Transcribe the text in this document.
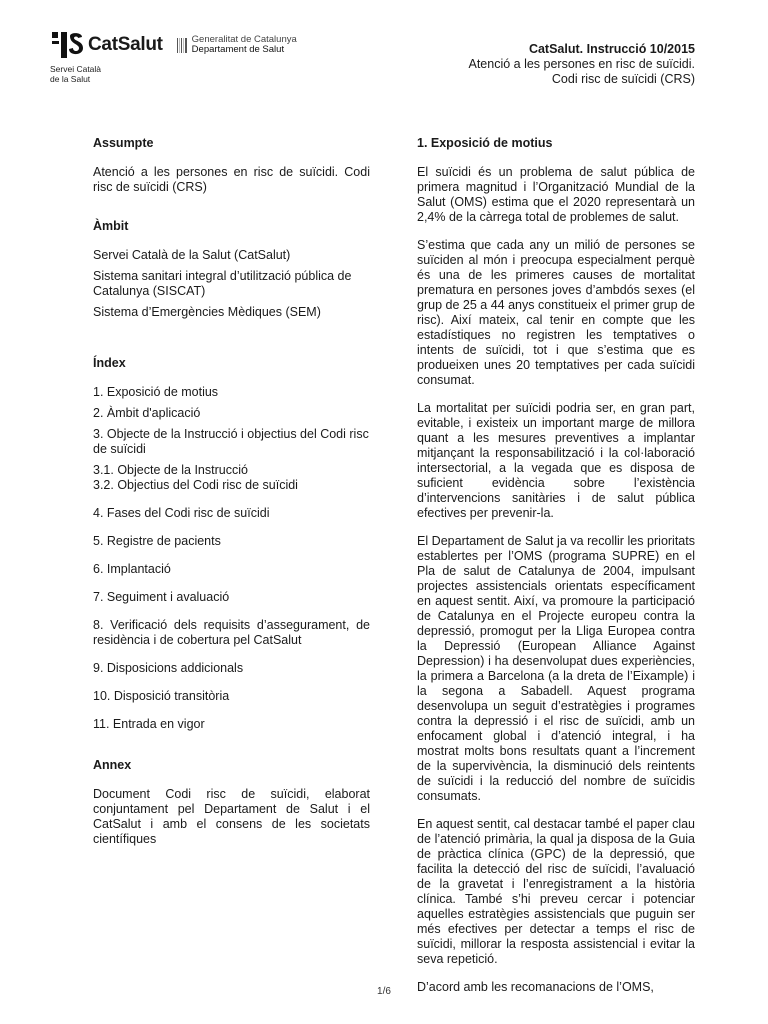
CatSalut	Generalitat de Catalunya
Departament de Salut
Servei Català
de la Salut
CatSalut. Instrucció 10/2015
Atenció a les persones en risc de suïcidi.
Codi risc de suïcidi (CRS)

Assumpte

Atenció a les persones en risc de suïcidi. Codi risc de suïcidi (CRS)

Àmbit

Servei Català de la Salut (CatSalut)

Sistema sanitari integral d’utilització pública de Catalunya (SISCAT)

Sistema d’Emergències Mèdiques (SEM)

Índex

1. Exposició de motius
2. Àmbit d'aplicació
3. Objecte de la Instrucció i objectius del Codi risc de suïcidi
3.1. Objecte de la Instrucció
3.2. Objectius del Codi risc de suïcidi
4. Fases del Codi risc de suïcidi
5. Registre de pacients
6. Implantació
7. Seguiment i avaluació
8. Verificació dels requisits d’assegurament, de residència i de cobertura pel CatSalut
9. Disposicions addicionals
10. Disposició transitòria
11. Entrada en vigor

Annex

Document Codi risc de suïcidi, elaborat conjuntament pel Departament de Salut i el CatSalut i amb el consens de les societats científiques

1. Exposició de motius

El suïcidi és un problema de salut pública de primera magnitud i l’Organització Mundial de la Salut (OMS) estima que el 2020 representarà un 2,4% de la càrrega total de problemes de salut.

S’estima que cada any un milió de persones se suïciden al món i preocupa especialment perquè és una de les primeres causes de mortalitat prematura en persones joves d’ambdós sexes (el grup de 25 a 44 anys constitueix el primer grup de risc). Així mateix, cal tenir en compte que les estadístiques no registren les temptatives o intents de suïcidi, tot i que s’estima que es produeixen unes 20 temptatives per cada suïcidi consumat.

La mortalitat per suïcidi podria ser, en gran part, evitable, i existeix un important marge de millora quant a les mesures preventives a implantar mitjançant la responsabilització i la col·laboració intersectorial, a la vegada que es disposa de suficient evidència sobre l’existència d’intervencions sanitàries i de salut pública efectives per prevenir-la.

El Departament de Salut ja va recollir les prioritats establertes per l’OMS (programa SUPRE) en el Pla de salut de Catalunya de 2004, impulsant projectes assistencials orientats específicament en aquest sentit. Així, va promoure la participació de Catalunya en el Projecte europeu contra la depressió, promogut per la Lliga Europea contra la Depressió (European Alliance Against Depression) i ha desenvolupat dues experiències, la primera a Barcelona (a la dreta de l’Eixample) i la segona a Sabadell. Aquest programa desenvolupa un seguit d’estratègies i programes contra la depressió i el risc de suïcidi, amb un enfocament global i d’atenció integral, i ha mostrat molts bons resultats quant a l’increment de la supervivència, la disminució dels reintents de suïcidi i la reducció del nombre de suïcidis consumats.

En aquest sentit, cal destacar també el paper clau de l’atenció primària, la qual ja disposa de la Guia de pràctica clínica (GPC) de la depressió, que facilita la detecció del risc de suïcidi, l’avaluació de la gravetat i l’enregistrament a la història clínica. També s’hi preveu cercar i potenciar aquelles estratègies assistencials que puguin ser més efectives per detectar a temps el risc de suïcidi, millorar la resposta assistencial i evitar la seva repetició.

D’acord amb les recomanacions de l’OMS,

1/6
